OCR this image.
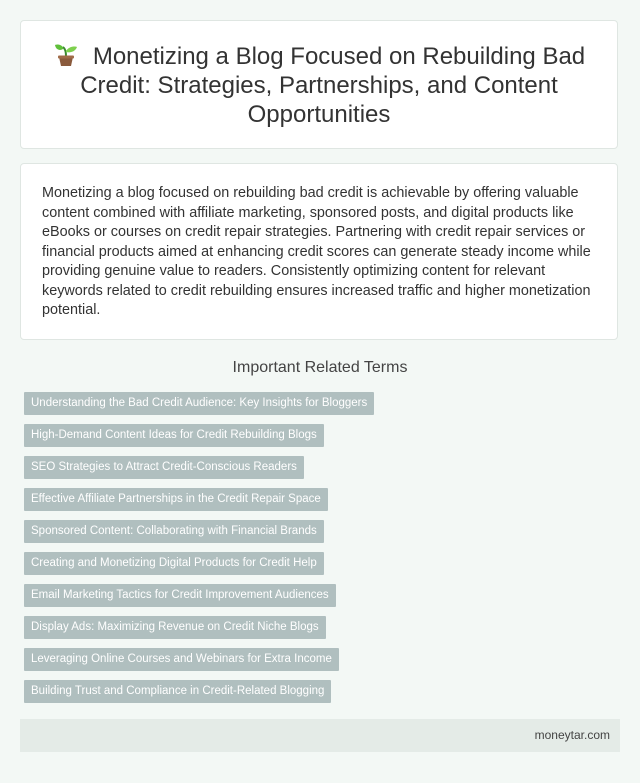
Monetizing a Blog Focused on Rebuilding Bad Credit: Strategies, Partnerships, and Content Opportunities

Monetizing a blog focused on rebuilding bad credit is achievable by offering valuable content combined with affiliate marketing, sponsored posts, and digital products like eBooks or courses on credit repair strategies. Partnering with credit repair services or financial products aimed at enhancing credit scores can generate steady income while providing genuine value to readers. Consistently optimizing content for relevant keywords related to credit rebuilding ensures increased traffic and higher monetization potential.

Important Related Terms
Understanding the Bad Credit Audience: Key Insights for Bloggers
High-Demand Content Ideas for Credit Rebuilding Blogs
SEO Strategies to Attract Credit-Conscious Readers
Effective Affiliate Partnerships in the Credit Repair Space
Sponsored Content: Collaborating with Financial Brands
Creating and Monetizing Digital Products for Credit Help
Email Marketing Tactics for Credit Improvement Audiences
Display Ads: Maximizing Revenue on Credit Niche Blogs
Leveraging Online Courses and Webinars for Extra Income
Building Trust and Compliance in Credit-Related Blogging
moneytar.com
